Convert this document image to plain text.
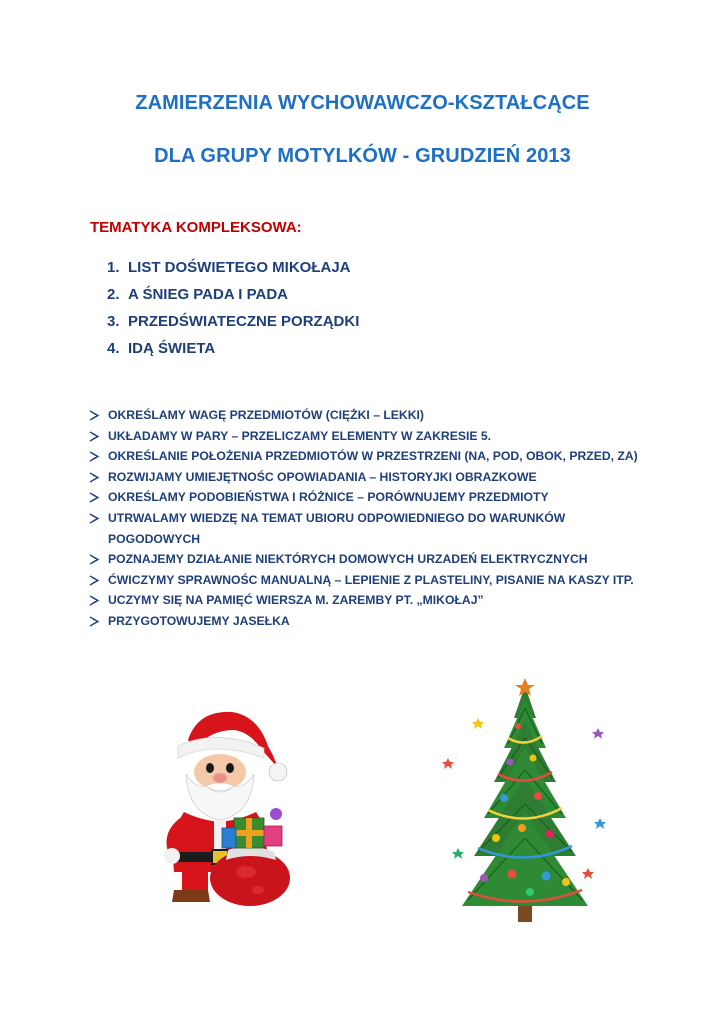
ZAMIERZENIA WYCHOWAWCZO-KSZTAŁCĄCE
DLA GRUPY MOTYLKÓW - GRUDZIEŃ 2013
TEMATYKA KOMPLEKSOWA:
1. LIST DOŚWIETEGO MIKOŁAJA
2. A ŚNIEG PADA I PADA
3. PRZEDŚWIATECZNE PORZĄDKI
4. IDĄ ŚWIETA
OKREŚLAMY WAGĘ PRZEDMIOTÓW (CIĘŻKI – LEKKI)
UKŁADAMY W PARY – PRZELICZAMY ELEMENTY W ZAKRESIE 5.
OKREŚLANIE POŁOŻENIA PRZEDMIOTÓW W PRZESTRZENI (NA, POD, OBOK, PRZED, ZA)
ROZWIJAMY UMIEJĘTNOŚC OPOWIADANIA – HISTORYJKI OBRAZKOWE
OKREŚLAMY PODOBIEŃSTWA I RÓŻNICE – PORÓWNUJEMY PRZEDMIOTY
UTRWALAMY WIEDZĘ NA TEMAT UBIORU ODPOWIEDNIEGO DO WARUNKÓW POGODOWYCH
POZNAJEMY DZIAŁANIE NIEKTÓRYCH DOMOWYCH URZADEŃ ELEKTRYCZNYCH
ĆWICZYMY SPRAWNOŚC MANUALNĄ – LEPIENIE Z PLASTELINY, PISANIE NA KASZY ITP.
UCZYMY SIĘ NA PAMIĘĆ WIERSZA M. ZAREMBY PT. „MIKOŁAJ”
PRZYGOTOWUJEMY JASEŁKA
